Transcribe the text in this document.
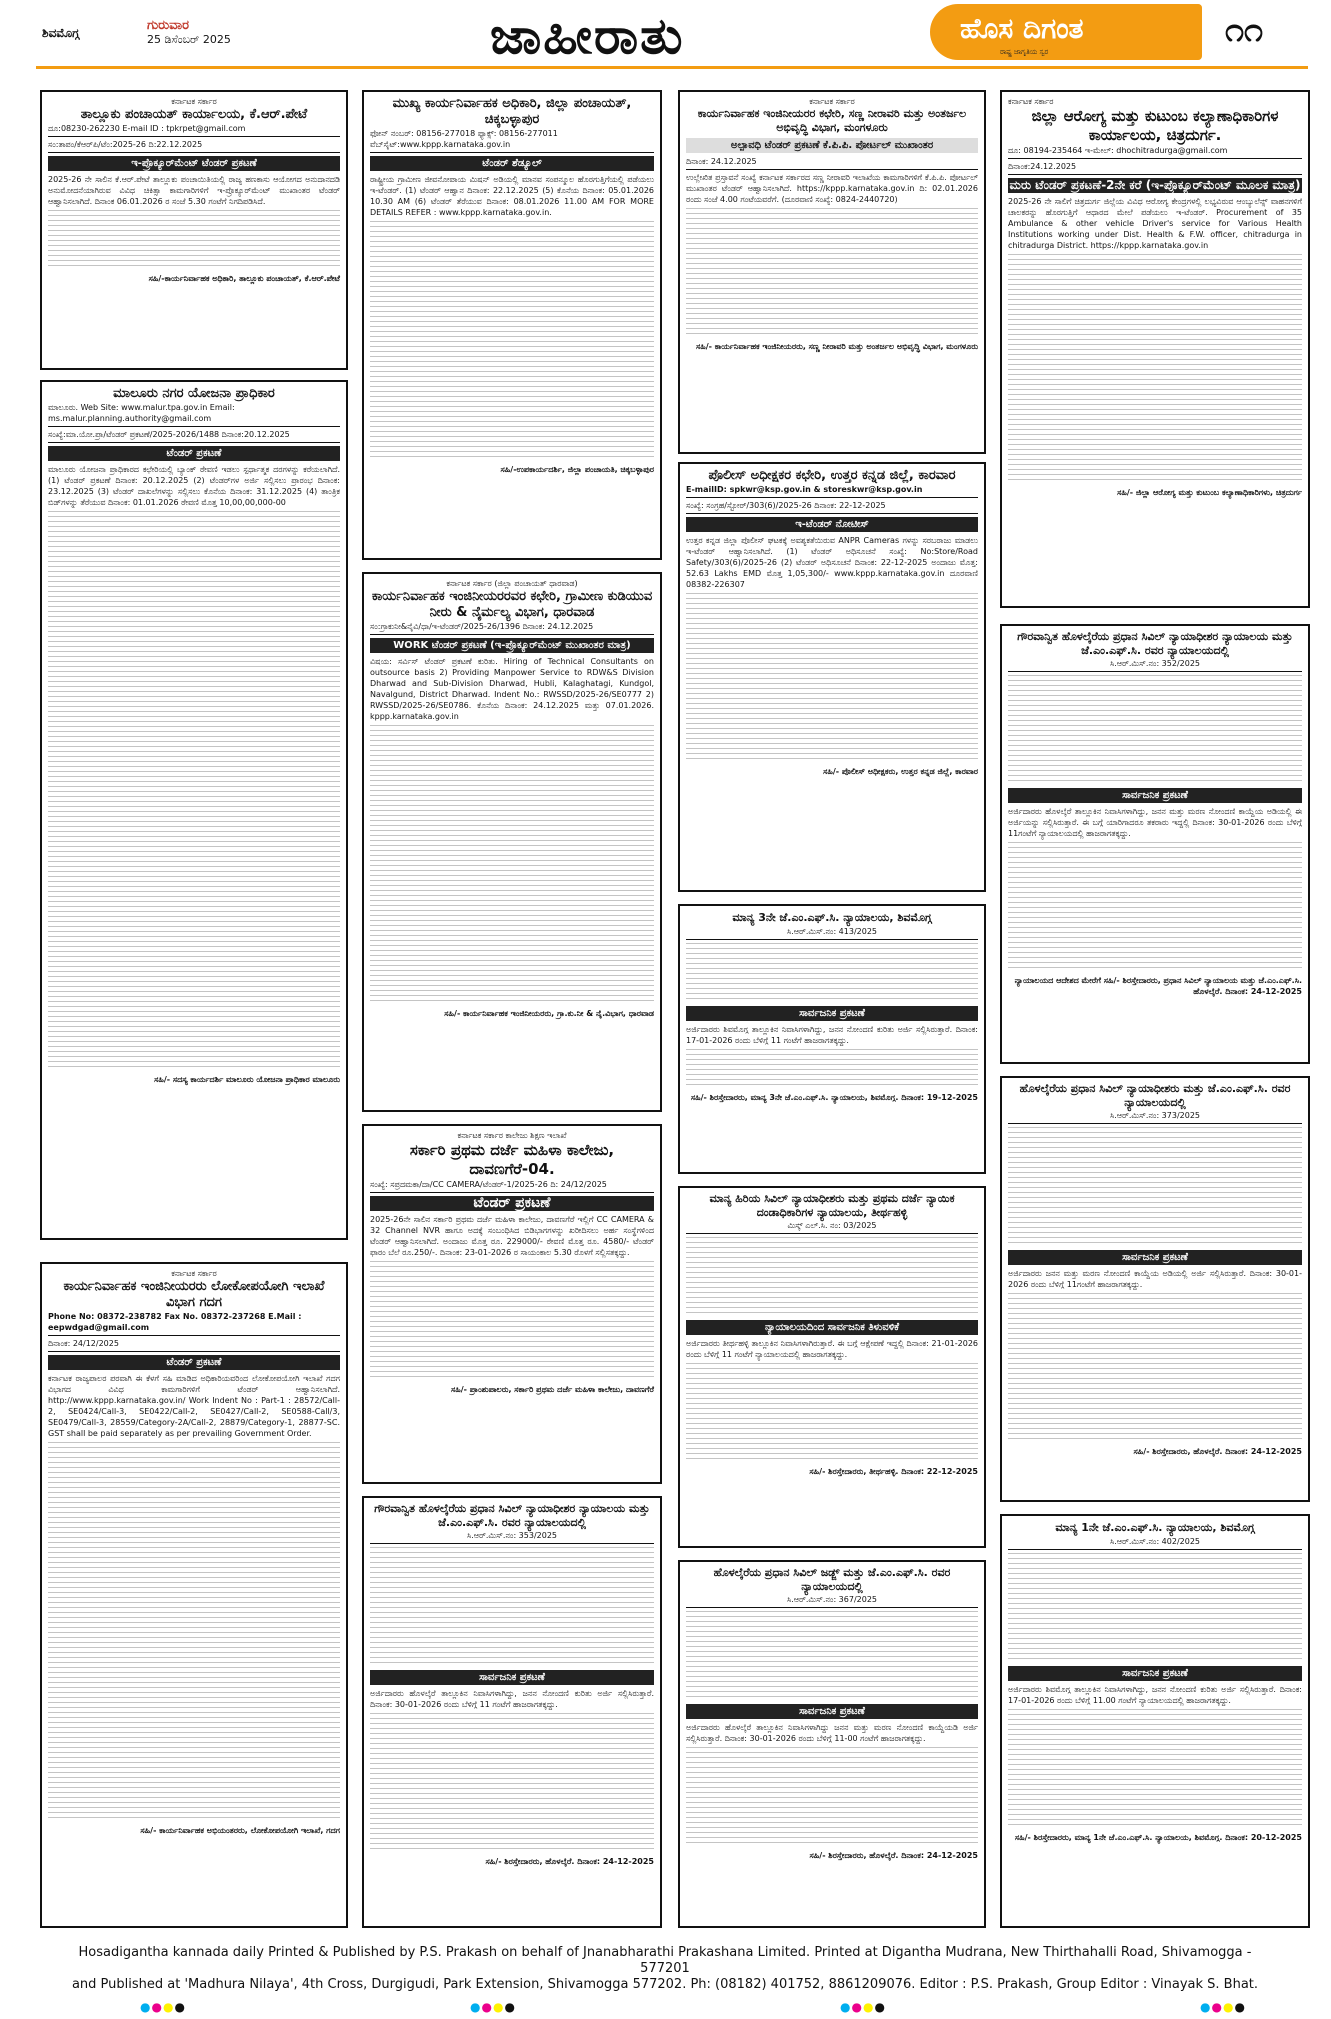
ಶಿವಮೊಗ್ಗ	ಗುರುವಾರ
25 ಡಿಸೆಂಬರ್ 2025	ಜಾಹೀರಾತು	ಹೊಸ ದಿಗಂತ
ರಾಷ್ಟ್ರ ಜಾಗೃತಿಯ ಸ್ವರ
೧೧
ಕರ್ನಾಟಕ ಸರ್ಕಾರ
ತಾಲ್ಲೂಕು ಪಂಚಾಯತ್ ಕಾರ್ಯಾಲಯ, ಕೆ.ಆರ್.ಪೇಟೆ
ದೂ:08230-262230 E-mail ID : tpkrpet@gmail.com
ಸಂ:ತಾಪಂ/ಕೆಆರ್‌ಪಿ/ಟೆಂ:2025-26 ದಿ:22.12.2025
ಇ-ಪ್ರೊಕ್ಯೂರ್‌ಮೆಂಟ್ ಟೆಂಡರ್ ಪ್ರಕಟಣೆ

2025-26 ನೇ ಸಾಲಿನ ಕೆ.ಆರ್.ಪೇಟೆ ತಾಲ್ಲೂಕು ಪಂಚಾಯಿತಿಯಲ್ಲಿ ರಾಜ್ಯ ಹಣಕಾಸು ಆಯೋಗದ ಅನುದಾನದಡಿ ಅನುಮೋದನೆಯಾಗಿರುವ ವಿವಿಧ ಚಿಕಿತ್ಸಾ ಕಾಮಗಾರಿಗಳಿಗೆ ಇ-ಪ್ರೊಕ್ಯೂರ್‌ಮೆಂಟ್ ಮುಖಾಂತರ ಟೆಂಡರ್ ಆಹ್ವಾನಿಸಲಾಗಿದೆ. ದಿನಾಂಕ 06.01.2026 ರ ಸಂಜೆ 5.30 ಗಂಟೆಗೆ ನಿಗದಿಪಡಿಸಿದೆ.

ಸಹಿ/-ಕಾರ್ಯನಿರ್ವಾಹಕ ಅಧಿಕಾರಿ, ತಾಲ್ಲೂಕು ಪಂಚಾಯತ್, ಕೆ.ಆರ್.ಪೇಟೆ
ಮಾಲೂರು ನಗರ ಯೋಜನಾ ಪ್ರಾಧಿಕಾರ
ಮಾಲೂರು. Web Site: www.malur.tpa.gov.in Email: ms.malur.planning.authority@gmail.com
ಸಂಖ್ಯೆ:ಮಾ.ಯೋ.ಪ್ರಾ/ಟೆಂಡರ್ ಪ್ರಕಟಣೆ/2025-2026/1488 ದಿನಾಂಕ:20.12.2025
ಟೆಂಡರ್ ಪ್ರಕಟಣೆ

ಮಾಲೂರು ಯೋಜನಾ ಪ್ರಾಧಿಕಾರದ ಕಛೇರಿಯಲ್ಲಿ ಬ್ಯಾಂಕ್ ಠೇವಣಿ ಇಡಲು ಸ್ಪರ್ಧಾತ್ಮಕ ದರಗಳನ್ನು ಕರೆಯಲಾಗಿದೆ. (1) ಟೆಂಡರ್ ಪ್ರಕಟಣೆ ದಿನಾಂಕ: 20.12.2025 (2) ಟೆಂಡರ್‌ಗಳ ಅರ್ಜಿ ಸಲ್ಲಿಸಲು ಪ್ರಾರಂಭ ದಿನಾಂಕ: 23.12.2025 (3) ಟೆಂಡರ್ ದಾಖಲೆಗಳನ್ನು ಸಲ್ಲಿಸಲು ಕೊನೆಯ ದಿನಾಂಕ: 31.12.2025 (4) ತಾಂತ್ರಿಕ ಬಿಡ್‌ಗಳನ್ನು ತೆರೆಯುವ ದಿನಾಂಕ: 01.01.2026 ಠೇವಣಿ ಮೊತ್ತ 10,00,00,000-00

ಸಹಿ/- ಸದಸ್ಯ ಕಾರ್ಯದರ್ಶಿ ಮಾಲೂರು ಯೋಜನಾ ಪ್ರಾಧಿಕಾರ ಮಾಲೂರು
ಕರ್ನಾಟಕ ಸರ್ಕಾರ
ಕಾರ್ಯನಿರ್ವಾಹಕ ಇಂಜಿನೀಯರರು ಲೋಕೋಪಯೋಗಿ ಇಲಾಖೆ ವಿಭಾಗ ಗದಗ
Phone No: 08372-238782 Fax No. 08372-237268 E.Mail : eepwdgad@gmail.com
ದಿನಾಂಕ: 24/12/2025
ಟೆಂಡರ್ ಪ್ರಕಟಣೆ

ಕರ್ನಾಟಕ ರಾಜ್ಯಪಾಲರ ಪರವಾಗಿ ಈ ಕೆಳಗೆ ಸಹಿ ಮಾಡಿದ ಅಧಿಕಾರಿಯವರಿಂದ ಲೋಕೋಪಯೋಗಿ ಇಲಾಖೆ ಗದಗ ವಿಭಾಗದ ವಿವಿಧ ಕಾಮಗಾರಿಗಳಿಗೆ ಟೆಂಡರ್ ಆಹ್ವಾನಿಸಲಾಗಿದೆ. http://www.kppp.karnataka.gov.in/ Work Indent No : Part-1 : 28572/Call-2, SE0424/Call-3, SE0422/Call-2, SE0427/Call-2, SE0588-Call/3, SE0479/Call-3, 28559/Category-2A/Call-2, 28879/Category-1, 28877-SC. GST shall be paid separately as per prevailing Government Order.

ಸಹಿ/- ಕಾರ್ಯನಿರ್ವಾಹಕ ಅಭಿಯಂತರರು, ಲೋಕೋಪಯೋಗಿ ಇಲಾಖೆ, ಗದಗ
ಮುಖ್ಯ ಕಾರ್ಯನಿರ್ವಾಹಕ ಅಧಿಕಾರಿ, ಜಿಲ್ಲಾ ಪಂಚಾಯತ್, ಚಿಕ್ಕಬಳ್ಳಾಪುರ
ಫೋನ್ ನಂಬರ್: 08156-277018 ಫ್ಯಾಕ್ಸ್: 08156-277011 ವೆಬ್‌ಸೈಟ್:www.kppp.karnataka.gov.in
ಟೆಂಡರ್ ಶೆಡ್ಯೂಲ್

ರಾಷ್ಟ್ರೀಯ ಗ್ರಾಮೀಣ ಜೀವನೋಪಾಯ ಮಿಷನ್ ಅಡಿಯಲ್ಲಿ ಮಾನವ ಸಂಪನ್ಮೂಲ ಹೊರಗುತ್ತಿಗೆಯಲ್ಲಿ ಪಡೆಯಲು ಇ-ಟೆಂಡರ್. (1) ಟೆಂಡರ್ ಆಹ್ವಾನ ದಿನಾಂಕ: 22.12.2025 (5) ಕೊನೆಯ ದಿನಾಂಕ: 05.01.2026 10.30 AM (6) ಟೆಂಡರ್ ತೆರೆಯುವ ದಿನಾಂಕ: 08.01.2026 11.00 AM FOR MORE DETAILS REFER : www.kppp.karnataka.gov.in.

ಸಹಿ/-ಉಪಕಾರ್ಯದರ್ಶಿ, ಜಿಲ್ಲಾ ಪಂಚಾಯತಿ, ಚಿಕ್ಕಬಳ್ಳಾಪುರ
ಕರ್ನಾಟಕ ಸರ್ಕಾರ (ಜಿಲ್ಲಾ ಪಂಚಾಯತ್ ಧಾರವಾಡ)
ಕಾರ್ಯನಿರ್ವಾಹಕ ಇಂಜಿನೀಯರರವರ ಕಛೇರಿ, ಗ್ರಾಮೀಣ ಕುಡಿಯುವ ನೀರು & ನೈರ್ಮಲ್ಯ ವಿಭಾಗ, ಧಾರವಾಡ
ಸಂ:ಗ್ರಾಕುನೀ&ನೈವಿ/ಧಾ/ಇ-ಟೆಂಡರ್/2025-26/1396 ದಿನಾಂಕ: 24.12.2025
WORK ಟೆಂಡರ್ ಪ್ರಕಟಣೆ (ಇ-ಪ್ರೊಕ್ಯೂರ್‌ಮೆಂಟ್ ಮುಖಾಂತರ ಮಾತ್ರ)

ವಿಷಯ: ಸರ್ವಿಸ್ ಟೆಂಡರ್ ಪ್ರಕಟಣೆ ಕುರಿತು. Hiring of Technical Consultants on outsource basis 2) Providing Manpower Service to RDW&S Division Dharwad and Sub-Division Dharwad, Hubli, Kalaghatagi, Kundgol, Navalgund, District Dharwad. Indent No.: RWSSD/2025-26/SE0777 2) RWSSD/2025-26/SE0786. ಕೊನೆಯ ದಿನಾಂಕ: 24.12.2025 ಮತ್ತು 07.01.2026. kppp.karnataka.gov.in

ಸಹಿ/- ಕಾರ್ಯನಿರ್ವಾಹಕ ಇಂಜಿನೀಯರರು, ಗ್ರಾ.ಕು.ನೀ & ನೈ.ವಿಭಾಗ, ಧಾರವಾಡ
ಕರ್ನಾಟಕ ಸರ್ಕಾರ ಕಾಲೇಜು ಶಿಕ್ಷಣ ಇಲಾಖೆ
ಸರ್ಕಾರಿ ಪ್ರಥಮ ದರ್ಜೆ ಮಹಿಳಾ ಕಾಲೇಜು, ದಾವಣಗೆರೆ-04.
ಸಂಖ್ಯೆ: ಸಪ್ರದಮಕಾ/ದಾ/CC CAMERA/ಟೆಂಡರ್-1/2025-26 ದಿ: 24/12/2025
ಟೆಂಡರ್ ಪ್ರಕಟಣೆ

2025-26ನೇ ಸಾಲಿನ ಸರ್ಕಾರಿ ಪ್ರಥಮ ದರ್ಜೆ ಮಹಿಳಾ ಕಾಲೇಜು, ದಾವಣಗೆರೆ ಇಲ್ಲಿಗೆ CC CAMERA & 32 Channel NVR ಹಾಗೂ ಅದಕ್ಕೆ ಸಂಬಂಧಿಸಿದ ಬಿಡಿಭಾಗಗಳನ್ನು ಖರೀದಿಸಲು ಅರ್ಹ ಸಂಸ್ಥೆಗಳಿಂದ ಟೆಂಡರ್ ಆಹ್ವಾನಿಸಲಾಗಿದೆ. ಅಂದಾಜು ಮೊತ್ತ ರೂ. 229000/- ಠೇವಣಿ ಮೊತ್ತ ರೂ. 4580/- ಟೆಂಡರ್ ಫಾರಂ ಬೆಲೆ ರೂ.250/-. ದಿನಾಂಕ: 23-01-2026 ರ ಸಾಯಂಕಾಲ 5.30 ರೊಳಗೆ ಸಲ್ಲಿಸತಕ್ಕದ್ದು.

ಸಹಿ/- ಪ್ರಾಂಶುಪಾಲರು, ಸರ್ಕಾರಿ ಪ್ರಥಮ ದರ್ಜೆ ಮಹಿಳಾ ಕಾಲೇಜು, ದಾವಣಗೆರೆ
ಗೌರವಾನ್ವಿತ ಹೊಳಲ್ಕೆರೆಯ ಪ್ರಧಾನ ಸಿವಿಲ್ ನ್ಯಾಯಾಧೀಶರ ನ್ಯಾಯಾಲಯ ಮತ್ತು ಜೆ.ಎಂ.ಎಫ್.ಸಿ. ರವರ ನ್ಯಾಯಾಲಯದಲ್ಲಿ
ಸಿ.ಆರ್.ಮಿಸ್.ನಂ: 353/2025
ಸಾರ್ವಜನಿಕ ಪ್ರಕಟಣೆ

ಅರ್ಜಿದಾರರು ಹೊಳಲ್ಕೆರೆ ತಾಲ್ಲೂಕಿನ ನಿವಾಸಿಗಳಾಗಿದ್ದು, ಜನನ ನೋಂದಣಿ ಕುರಿತು ಅರ್ಜಿ ಸಲ್ಲಿಸಿರುತ್ತಾರೆ. ದಿನಾಂಕ: 30-01-2026 ರಂದು ಬೆಳಿಗ್ಗೆ 11 ಗಂಟೆಗೆ ಹಾಜರಾಗತಕ್ಕದ್ದು.

ಸಹಿ/- ಶಿರಸ್ತೇದಾರರು, ಹೊಳಲ್ಕೆರೆ. ದಿನಾಂಕ: 24-12-2025
ಕರ್ನಾಟಕ ಸರ್ಕಾರ
ಕಾರ್ಯನಿರ್ವಾಹಕ ಇಂಜಿನೀಯರರ ಕಛೇರಿ, ಸಣ್ಣ ನೀರಾವರಿ ಮತ್ತು ಅಂತರ್ಜಲ ಅಭಿವೃದ್ಧಿ ವಿಭಾಗ, ಮಂಗಳೂರು
ಅಲ್ಪಾವಧಿ ಟೆಂಡರ್ ಪ್ರಕಟಣೆ ಕೆ.ಪಿ.ಪಿ. ಪೋರ್ಟಲ್ ಮುಖಾಂತರ
ದಿನಾಂಕ: 24.12.2025

ಉಲ್ಲೇಖಿತ ಪ್ರಸ್ತಾವನೆ ಸಂಖ್ಯೆ ಕರ್ನಾಟಕ ಸರ್ಕಾರದ ಸಣ್ಣ ನೀರಾವರಿ ಇಲಾಖೆಯ ಕಾಮಗಾರಿಗಳಿಗೆ ಕೆ.ಪಿ.ಪಿ. ಪೋರ್ಟಲ್ ಮುಖಾಂತರ ಟೆಂಡರ್ ಆಹ್ವಾನಿಸಲಾಗಿದೆ. https://kppp.karnataka.gov.in ದಿ: 02.01.2026 ರಂದು ಸಂಜೆ 4.00 ಗಂಟೆಯವರೆಗೆ. (ದೂರವಾಣಿ ಸಂಖ್ಯೆ: 0824-2440720)

ಸಹಿ/- ಕಾರ್ಯನಿರ್ವಾಹಕ ಇಂಜಿನೀಯರರು, ಸಣ್ಣ ನೀರಾವರಿ ಮತ್ತು ಅಂತರ್ಜಲ ಅಭಿವೃದ್ಧಿ ವಿಭಾಗ, ಮಂಗಳೂರು
ಪೊಲೀಸ್ ಅಧೀಕ್ಷಕರ ಕಛೇರಿ, ಉತ್ತರ ಕನ್ನಡ ಜಿಲ್ಲೆ, ಕಾರವಾರ
E-mailID: spkwr@ksp.gov.in & storeskwr@ksp.gov.in
ಸಂಖ್ಯೆ: ಸಂಗ್ರಹ/ಸ್ಟೋರ್/303(6)/2025-26 ದಿನಾಂಕ: 22-12-2025
ಇ-ಟೆಂಡರ್ ನೋಟೀಸ್

ಉತ್ತರ ಕನ್ನಡ ಜಿಲ್ಲಾ ಪೊಲೀಸ್ ಘಟಕಕ್ಕೆ ಅವಶ್ಯಕತೆಯಿರುವ ANPR Cameras ಗಳನ್ನು ಸರಬರಾಜು ಮಾಡಲು ಇ-ಟೆಂಡರ್ ಆಹ್ವಾನಿಸಲಾಗಿದೆ. (1) ಟೆಂಡರ್ ಅಧಿಸೂಚನೆ ಸಂಖ್ಯೆ: No:Store/Road Safety/303(6)/2025-26 (2) ಟೆಂಡರ್ ಅಧಿಸೂಚನೆ ದಿನಾಂಕ: 22-12-2025 ಅಂದಾಜು ಮೊತ್ತ: 52.63 Lakhs EMD ಮೊತ್ತ 1,05,300/- www.kppp.karnataka.gov.in ದೂರವಾಣಿ 08382-226307

ಸಹಿ/- ಪೊಲೀಸ್ ಅಧೀಕ್ಷಕರು, ಉತ್ತರ ಕನ್ನಡ ಜಿಲ್ಲೆ, ಕಾರವಾರ
ಮಾನ್ಯ 3ನೇ ಜೆ.ಎಂ.ಎಫ್.ಸಿ. ನ್ಯಾಯಾಲಯ, ಶಿವಮೊಗ್ಗ
ಸಿ.ಆರ್.ಮಿಸ್.ನಂ: 413/2025
ಸಾರ್ವಜನಿಕ ಪ್ರಕಟಣೆ

ಅರ್ಜಿದಾರರು ಶಿವಮೊಗ್ಗ ತಾಲ್ಲೂಕಿನ ನಿವಾಸಿಗಳಾಗಿದ್ದು, ಜನನ ನೋಂದಣಿ ಕುರಿತು ಅರ್ಜಿ ಸಲ್ಲಿಸಿರುತ್ತಾರೆ. ದಿನಾಂಕ: 17-01-2026 ರಂದು ಬೆಳಿಗ್ಗೆ 11 ಗಂಟೆಗೆ ಹಾಜರಾಗತಕ್ಕದ್ದು.

ಸಹಿ/- ಶಿರಸ್ತೇದಾರರು, ಮಾನ್ಯ 3ನೇ ಜೆ.ಎಂ.ಎಫ್.ಸಿ. ನ್ಯಾಯಾಲಯ, ಶಿವಮೊಗ್ಗ. ದಿನಾಂಕ: 19-12-2025
ಮಾನ್ಯ ಹಿರಿಯ ಸಿವಿಲ್ ನ್ಯಾಯಾಧೀಶರು ಮತ್ತು ಪ್ರಥಮ ದರ್ಜೆ ನ್ಯಾಯಿಕ ದಂಡಾಧಿಕಾರಿಗಳ ನ್ಯಾಯಾಲಯ, ತೀರ್ಥಹಳ್ಳಿ
ಮಿಸ್ಕ್ ಎಲ್.ಸಿ. ನಂ: 03/2025
ನ್ಯಾಯಾಲಯದಿಂದ ಸಾರ್ವಜನಿಕ ತಿಳುವಳಿಕೆ

ಅರ್ಜಿದಾರರು ತೀರ್ಥಹಳ್ಳಿ ತಾಲ್ಲೂಕಿನ ನಿವಾಸಿಗಳಾಗಿರುತ್ತಾರೆ. ಈ ಬಗ್ಗೆ ಆಕ್ಷೇಪಣೆ ಇದ್ದಲ್ಲಿ ದಿನಾಂಕ: 21-01-2026 ರಂದು ಬೆಳಿಗ್ಗೆ 11 ಗಂಟೆಗೆ ನ್ಯಾಯಾಲಯದಲ್ಲಿ ಹಾಜರಾಗತಕ್ಕದ್ದು.

ಸಹಿ/- ಶಿರಸ್ತೇದಾರರು, ತೀರ್ಥಹಳ್ಳಿ. ದಿನಾಂಕ: 22-12-2025
ಹೊಳಲ್ಕೆರೆಯ ಪ್ರಧಾನ ಸಿವಿಲ್ ಜಡ್ಜ್ ಮತ್ತು ಜೆ.ಎಂ.ಎಫ್.ಸಿ. ರವರ ನ್ಯಾಯಾಲಯದಲ್ಲಿ
ಸಿ.ಆರ್.ಮಿಸ್.ನಂ: 367/2025
ಸಾರ್ವಜನಿಕ ಪ್ರಕಟಣೆ

ಅರ್ಜಿದಾರರು ಹೊಳಲ್ಕೆರೆ ತಾಲ್ಲೂಕಿನ ನಿವಾಸಿಗಳಾಗಿದ್ದು ಜನನ ಮತ್ತು ಮರಣ ನೋಂದಣಿ ಕಾಯ್ದೆಯಡಿ ಅರ್ಜಿ ಸಲ್ಲಿಸಿರುತ್ತಾರೆ. ದಿನಾಂಕ: 30-01-2026 ರಂದು ಬೆಳಿಗ್ಗೆ 11-00 ಗಂಟೆಗೆ ಹಾಜರಾಗತಕ್ಕದ್ದು.

ಸಹಿ/- ಶಿರಸ್ತೇದಾರರು, ಹೊಳಲ್ಕೆರೆ. ದಿನಾಂಕ: 24-12-2025
ಕರ್ನಾಟಕ ಸರ್ಕಾರ
ಜಿಲ್ಲಾ ಆರೋಗ್ಯ ಮತ್ತು ಕುಟುಂಬ ಕಲ್ಯಾಣಾಧಿಕಾರಿಗಳ ಕಾರ್ಯಾಲಯ, ಚಿತ್ರದುರ್ಗ.
ದೂ: 08194-235464 ಇ-ಮೇಲ್: dhochitradurga@gmail.com
ದಿನಾಂಕ:24.12.2025
ಮರು ಟೆಂಡರ್ ಪ್ರಕಟಣೆ-2ನೇ ಕರೆ (ಇ-ಪ್ರೊಕ್ಯೂರ್‌ಮೆಂಟ್ ಮೂಲಕ ಮಾತ್ರ)

2025-26 ನೇ ಸಾಲಿಗೆ ಚಿತ್ರದುರ್ಗ ಜಿಲ್ಲೆಯ ವಿವಿಧ ಆರೋಗ್ಯ ಕೇಂದ್ರಗಳಲ್ಲಿ ಲಭ್ಯವಿರುವ ಆಂಬ್ಯುಲೆನ್ಸ್ ವಾಹನಗಳಿಗೆ ಚಾಲಕರನ್ನು ಹೊರಗುತ್ತಿಗೆ ಆಧಾರದ ಮೇಲೆ ಪಡೆಯಲು ಇ-ಟೆಂಡರ್. Procurement of 35 Ambulance & other vehicle Driver's service for Various Health Institutions working under Dist. Health & F.W. officer, chitradurga in chitradurga District. https://kppp.karnataka.gov.in

ಸಹಿ/- ಜಿಲ್ಲಾ ಆರೋಗ್ಯ ಮತ್ತು ಕುಟುಂಬ ಕಲ್ಯಾಣಾಧಿಕಾರಿಗಳು, ಚಿತ್ರದುರ್ಗ
ಗೌರವಾನ್ವಿತ ಹೊಳಲ್ಕೆರೆಯ ಪ್ರಧಾನ ಸಿವಿಲ್ ನ್ಯಾಯಾಧೀಶರ ನ್ಯಾಯಾಲಯ ಮತ್ತು ಜೆ.ಎಂ.ಎಫ್.ಸಿ. ರವರ ನ್ಯಾಯಾಲಯದಲ್ಲಿ
ಸಿ.ಆರ್.ಮಿಸ್.ನಂ: 352/2025
ಸಾರ್ವಜನಿಕ ಪ್ರಕಟಣೆ

ಅರ್ಜಿದಾರರು ಹೊಳಲ್ಕೆರೆ ತಾಲ್ಲೂಕಿನ ನಿವಾಸಿಗಳಾಗಿದ್ದು, ಜನನ ಮತ್ತು ಮರಣ ನೋಂದಣಿ ಕಾಯ್ದೆಯ ಅಡಿಯಲ್ಲಿ ಈ ಅರ್ಜಿಯನ್ನು ಸಲ್ಲಿಸಿರುತ್ತಾರೆ. ಈ ಬಗ್ಗೆ ಯಾರಿಗಾದರೂ ತಕರಾರು ಇದ್ದಲ್ಲಿ ದಿನಾಂಕ: 30-01-2026 ರಂದು ಬೆಳಿಗ್ಗೆ 11ಗಂಟೆಗೆ ನ್ಯಾಯಾಲಯದಲ್ಲಿ ಹಾಜರಾಗತಕ್ಕದ್ದು.

ನ್ಯಾಯಾಲಯದ ಆದೇಶದ ಮೇರೆಗೆ ಸಹಿ/- ಶಿರಸ್ತೇದಾರರು, ಪ್ರಧಾನ ಸಿವಿಲ್ ನ್ಯಾಯಾಲಯ ಮತ್ತು ಜೆ.ಎಂ.ಎಫ್.ಸಿ. ಹೊಳಲ್ಕೆರೆ. ದಿನಾಂಕ: 24-12-2025
ಹೊಳಲ್ಕೆರೆಯ ಪ್ರಧಾನ ಸಿವಿಲ್ ನ್ಯಾಯಾಧೀಶರು ಮತ್ತು ಜೆ.ಎಂ.ಎಫ್.ಸಿ. ರವರ ನ್ಯಾಯಾಲಯದಲ್ಲಿ
ಸಿ.ಆರ್.ಮಿಸ್.ನಂ: 373/2025
ಸಾರ್ವಜನಿಕ ಪ್ರಕಟಣೆ

ಅರ್ಜಿದಾರರು ಜನನ ಮತ್ತು ಮರಣ ನೋಂದಣಿ ಕಾಯ್ದೆಯ ಅಡಿಯಲ್ಲಿ ಅರ್ಜಿ ಸಲ್ಲಿಸಿರುತ್ತಾರೆ. ದಿನಾಂಕ: 30-01-2026 ರಂದು ಬೆಳಿಗ್ಗೆ 11ಗಂಟೆಗೆ ಹಾಜರಾಗತಕ್ಕದ್ದು.

ಸಹಿ/- ಶಿರಸ್ತೇದಾರರು, ಹೊಳಲ್ಕೆರೆ. ದಿನಾಂಕ: 24-12-2025
ಮಾನ್ಯ 1ನೇ ಜೆ.ಎಂ.ಎಫ್.ಸಿ. ನ್ಯಾಯಾಲಯ, ಶಿವಮೊಗ್ಗ
ಸಿ.ಆರ್.ಮಿಸ್.ನಂ: 402/2025
ಸಾರ್ವಜನಿಕ ಪ್ರಕಟಣೆ

ಅರ್ಜಿದಾರರು ಶಿವಮೊಗ್ಗ ತಾಲ್ಲೂಕಿನ ನಿವಾಸಿಗಳಾಗಿದ್ದು, ಜನನ ನೋಂದಣಿ ಕುರಿತು ಅರ್ಜಿ ಸಲ್ಲಿಸಿರುತ್ತಾರೆ. ದಿನಾಂಕ: 17-01-2026 ರಂದು ಬೆಳಿಗ್ಗೆ 11.00 ಗಂಟೆಗೆ ನ್ಯಾಯಾಲಯದಲ್ಲಿ ಹಾಜರಾಗತಕ್ಕದ್ದು.

ಸಹಿ/- ಶಿರಸ್ತೇದಾರರು, ಮಾನ್ಯ 1ನೇ ಜೆ.ಎಂ.ಎಫ್.ಸಿ. ನ್ಯಾಯಾಲಯ, ಶಿವಮೊಗ್ಗ. ದಿನಾಂಕ: 20-12-2025
Hosadigantha kannada daily Printed & Published by P.S. Prakash on behalf of Jnanabharathi Prakashana Limited. Printed at Digantha Mudrana, New Thirthahalli Road, Shivamogga - 577201
and Published at 'Madhura Nilaya', 4th Cross, Durgigudi, Park Extension, Shivamogga 577202. Ph: (08182) 401752, 8861209076. Editor : P.S. Prakash, Group Editor : Vinayak S. Bhat.
●●●●	●●●●	●●●●	●●●●
